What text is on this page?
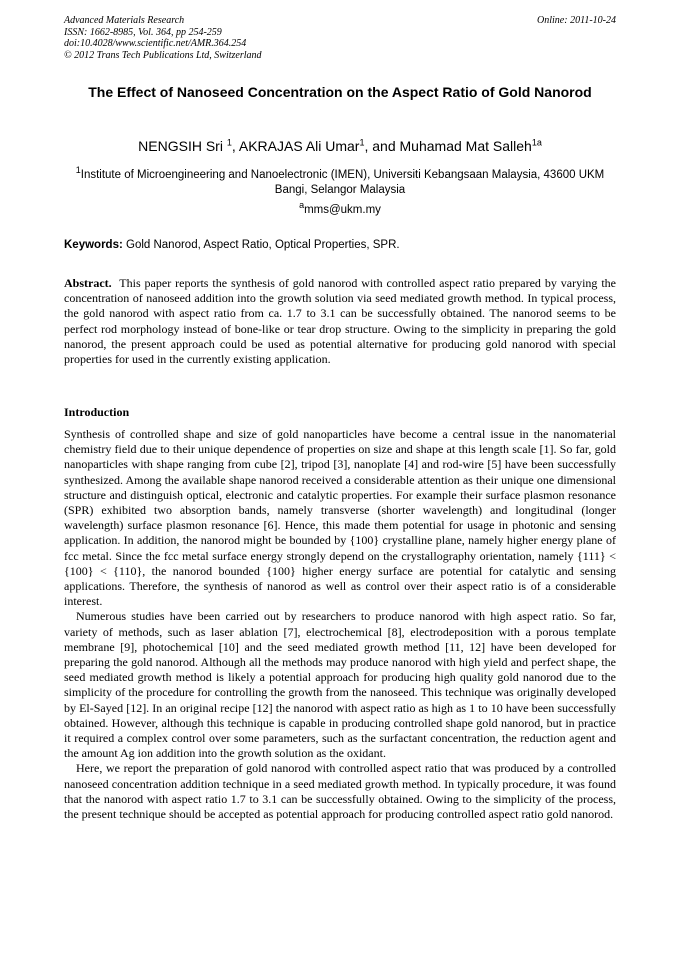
Advanced Materials Research
ISSN: 1662-8985, Vol. 364, pp 254-259
doi:10.4028/www.scientific.net/AMR.364.254
© 2012 Trans Tech Publications Ltd, Switzerland
Online: 2011-10-24
The Effect of Nanoseed Concentration on the Aspect Ratio of Gold Nanorod
NENGSIH Sri $^1$, AKRAJAS Ali Umar$^1$, and Muhamad Mat Salleh$^{1a}$
$^1$Institute of Microengineering and Nanoelectronic (IMEN), Universiti Kebangsaan Malaysia, 43600 UKM Bangi, Selangor Malaysia
$^a$mms@ukm.my
Keywords: Gold Nanorod, Aspect Ratio, Optical Properties, SPR.
Abstract. This paper reports the synthesis of gold nanorod with controlled aspect ratio prepared by varying the concentration of nanoseed addition into the growth solution via seed mediated growth method. In typical process, the gold nanorod with aspect ratio from ca. 1.7 to 3.1 can be successfully obtained. The nanorod seems to be perfect rod morphology instead of bone-like or tear drop structure. Owing to the simplicity in preparing the gold nanorod, the present approach could be used as potential alternative for producing gold nanorod with special properties for used in the currently existing application.
Introduction

Synthesis of controlled shape and size of gold nanoparticles have become a central issue in the nanomaterial chemistry field due to their unique dependence of properties on size and shape at this length scale [1]. So far, gold nanoparticles with shape ranging from cube [2], tripod [3], nanoplate [4] and rod-wire [5] have been successfully synthesized. Among the available shape nanorod received a considerable attention as their unique one dimensional structure and distinguish optical, electronic and catalytic properties. For example their surface plasmon resonance (SPR) exhibited two absorption bands, namely transverse (shorter wavelength) and longitudinal (longer wavelength) surface plasmon resonance [6]. Hence, this made them potential for usage in photonic and sensing application. In addition, the nanorod might be bounded by {100} crystalline plane, namely higher energy plane of fcc metal. Since the fcc metal surface energy strongly depend on the crystallography orientation, namely {111} < {100} < {110}, the nanorod bounded {100} higher energy surface are potential for catalytic and sensing applications. Therefore, the synthesis of nanorod as well as control over their aspect ratio is of a considerable interest.

Numerous studies have been carried out by researchers to produce nanorod with high aspect ratio. So far, variety of methods, such as laser ablation [7], electrochemical [8], electrodeposition with a porous template membrane [9], photochemical [10] and the seed mediated growth method [11, 12] have been developed for preparing the gold nanorod. Although all the methods may produce nanorod with high yield and perfect shape, the seed mediated growth method is likely a potential approach for producing high quality gold nanorod due to the simplicity of the procedure for controlling the growth from the nanoseed. This technique was originally developed by El-Sayed [12]. In an original recipe [12] the nanorod with aspect ratio as high as 1 to 10 have been successfully obtained. However, although this technique is capable in producing controlled shape gold nanorod, but in practice it required a complex control over some parameters, such as the surfactant concentration, the reduction agent and the amount Ag ion addition into the growth solution as the oxidant.

Here, we report the preparation of gold nanorod with controlled aspect ratio that was produced by a controlled nanoseed concentration addition technique in a seed mediated growth method. In typically procedure, it was found that the nanorod with aspect ratio 1.7 to 3.1 can be successfully obtained. Owing to the simplicity of the process, the present technique should be accepted as potential approach for producing controlled aspect ratio gold nanorod.
